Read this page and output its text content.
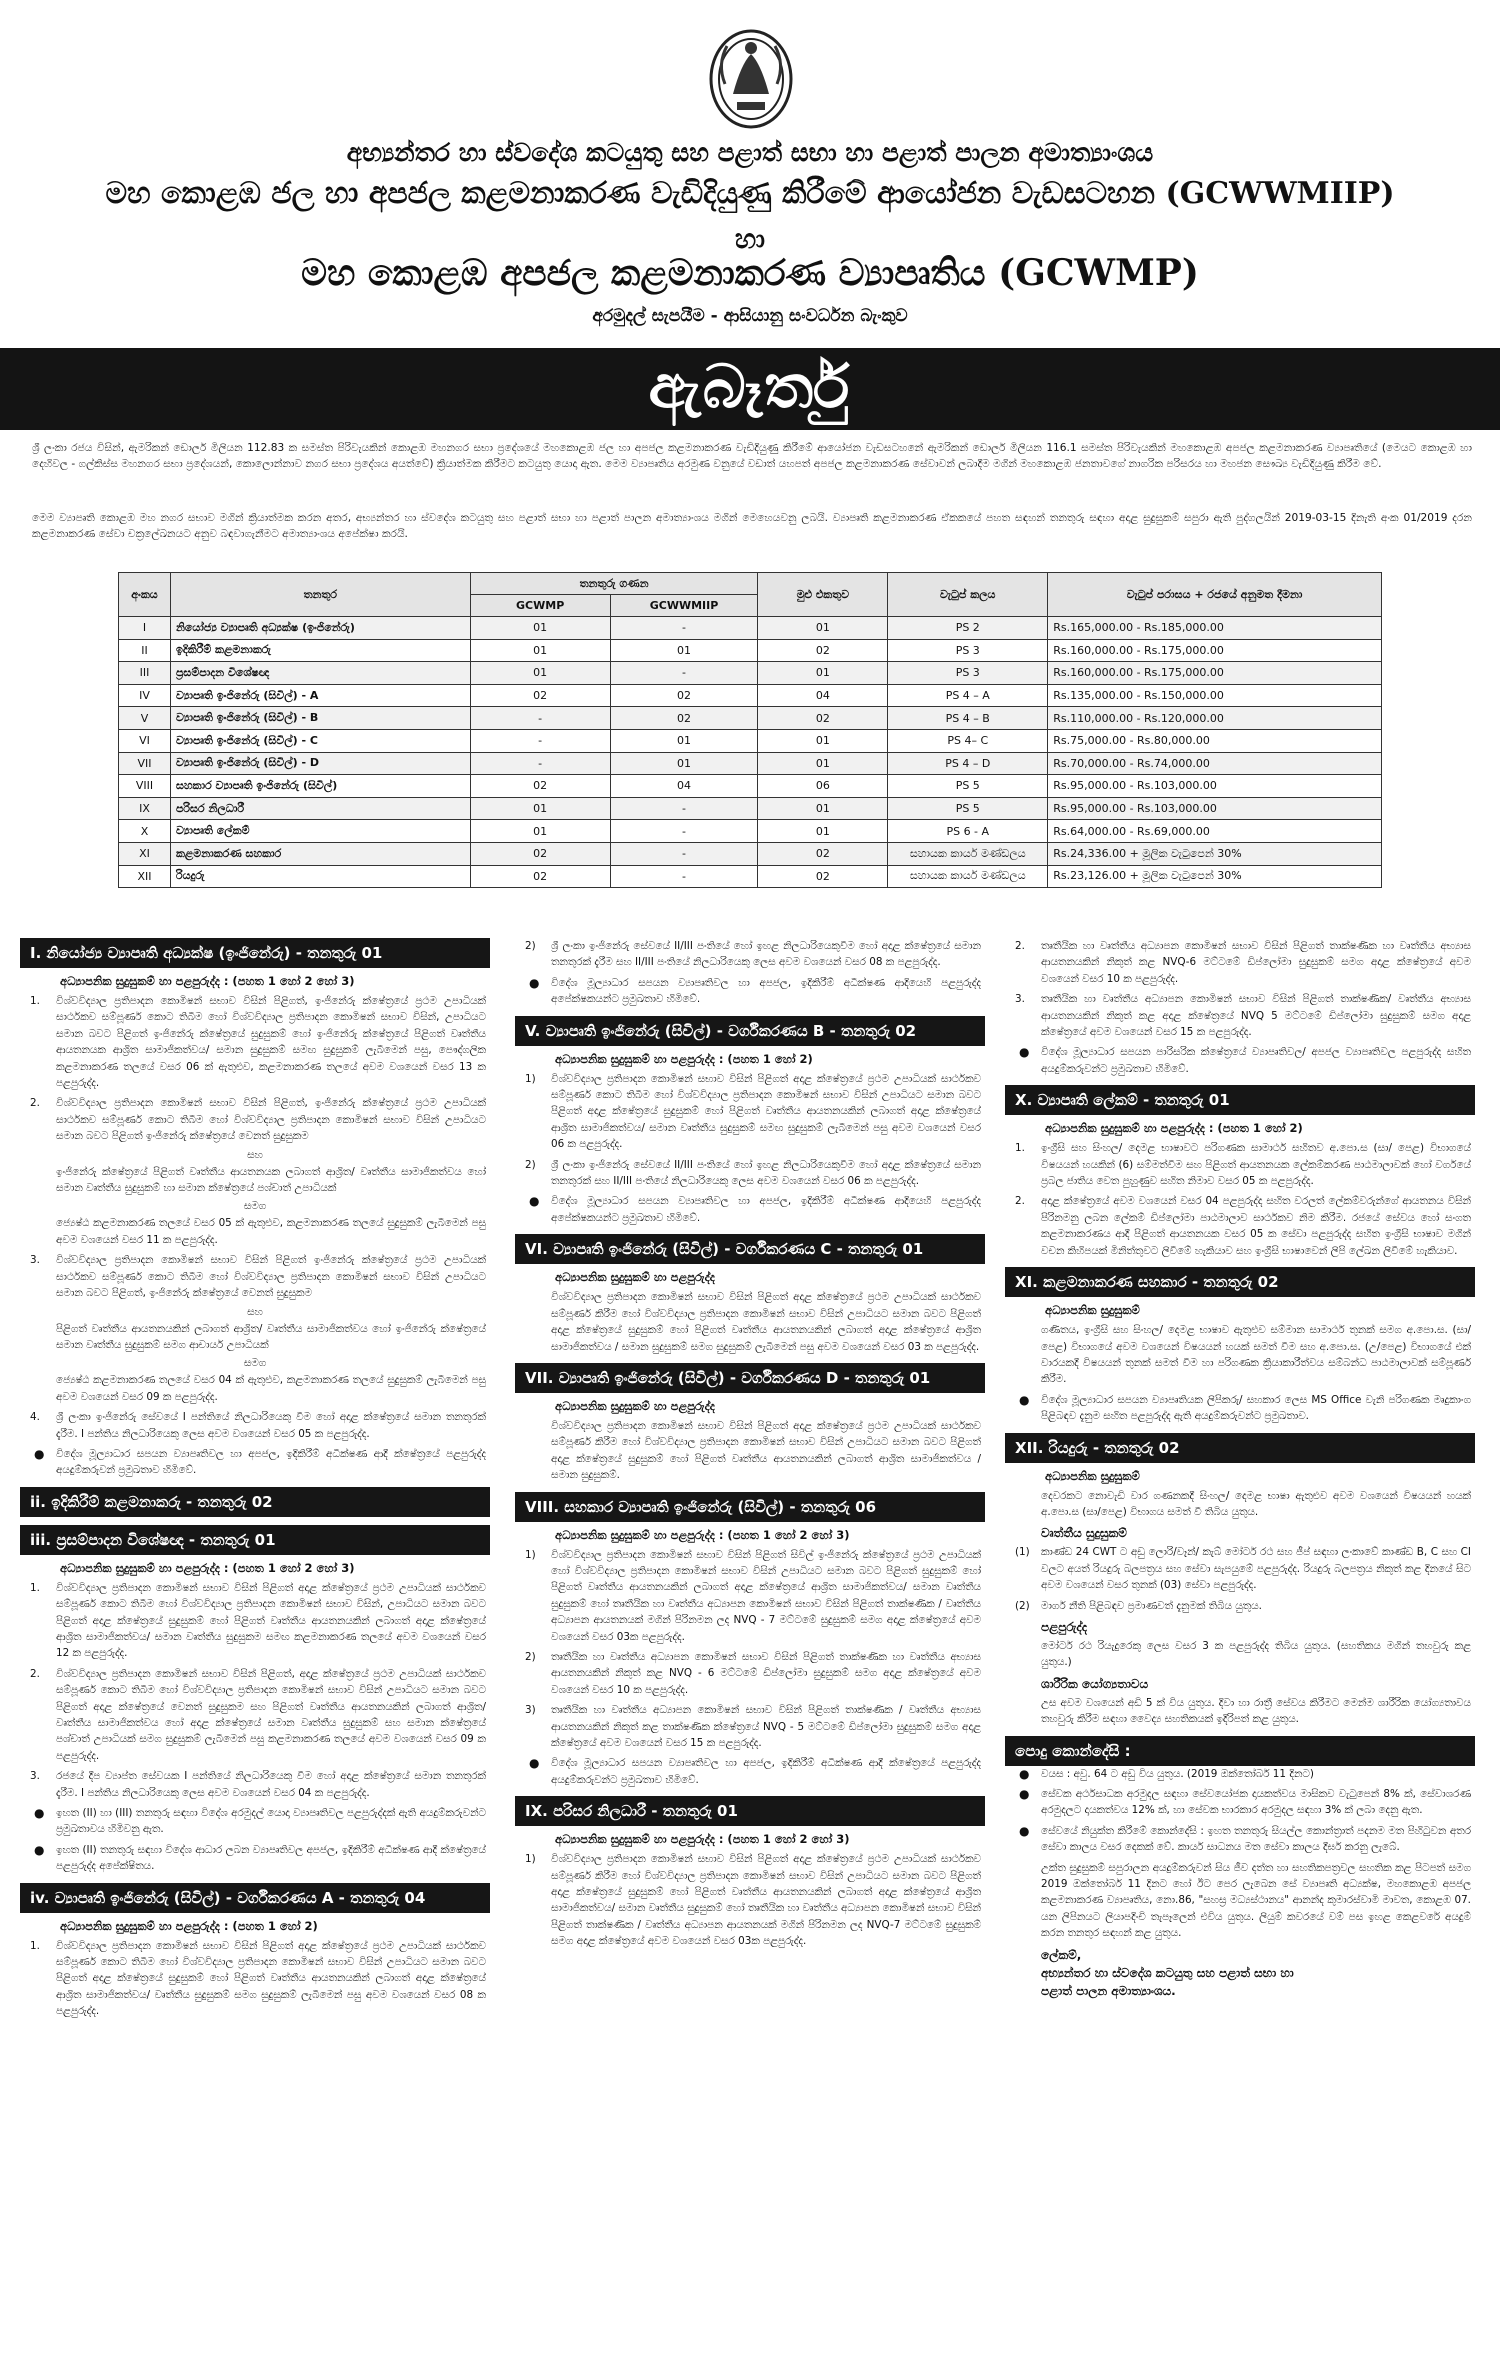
අභ්‍යන්තර හා ස්වදේශ කටයුතු සහ පළාත් සභා හා පළාත් පාලන අමාත්‍යාංශය
මහ කොළඹ ජල හා අපජල කළමනාකරණ වැඩිදියුණු කිරීමේ ආයෝජන වැඩසටහන (GCWWMIIP)
හා
මහ කොළඹ අපජල කළමනාකරණ ව්‍යාපෘතිය (GCWMP)
අරමුදල් සැපයීම - ආසියානු සංවර්ධන බැංකුව
ඇබෑර්තු

ශ්‍රී ලංකා රජය විසින්, ඇමරිකන් ඩොලර් මිලියන 112.83 ක සමස්ත පිරිවැයකින් කොළඹ මහනගර සභා ප්‍රදේශයේ මහකොළඹ ජල හා අපජල කළමනාකරණ වැඩිදියුණු කිරීමේ ආයෝජන වැඩසටහනේ ඇමරිකන් ඩොලර් මිලියන 116.1 සමස්ත පිරිවැයකින් මහකොළඹ අපජල කළමනාකරණ ව්‍යාපෘතියේ (මෙයට කොළඹ හා දෙහිවල - ගල්කිස්ස මහනගර සභා ප්‍රදේශයන්, කොලොන්නාව නගර සභා ප්‍රදේශය අයත්වේ) ක්‍රියාත්මක කිරීමට කටයුතු යොදා ඇත. මෙම ව්‍යාපෘතිය අරමුණ වනුයේ වඩාත් යහපත් අපජල කළමනාකරණ සේවාවන් ලබාදීම මගින් මහකොළඹ ජනතාවගේ නාගරික පරිසරය හා මහජන සෞඛ්‍ය වැඩිදියුණු කිරීම වේ.

මෙම ව්‍යාපෘති කොළඹ මහ නගර සභාව මගින් ක්‍රියාත්මක කරන අතර, අභ්‍යන්තර හා ස්වදේශ කටයුතු සහ පළාත් සභා හා පළාත් පාලන අමාත්‍යාංශය මගින් මෙහෙයවනු ලබයි. ව්‍යාපෘති කළමනාකරණ ඒකකයේ පහත සඳහන් තනතුරු සඳහා අදාළ සුදුසුකම් සපුරා ඇති පුද්ගලයින් 2019-03-15 දිනැති අංක 01/2019 දරන කළමනාකරණ සේවා චක්‍රලේඛනයට අනුව බඳවාගැනීමට අමාත්‍යාංශය අපේක්ෂා කරයි.

අංකය	තනතුර	තනතුරු ගණන		මුළු එකතුව	වැටුප් කලය	වැටුප් පරාසය + රජයේ අනුමත දීමනා
		GCWMP	GCWWMIIP			
I	නියෝජ්‍ය ව්‍යාපෘති අධ්‍යක්ෂ (ඉංජිනේරු)	01	-	01	PS 2	Rs.165,000.00 - Rs.185,000.00
II	ඉදිකිරීම් කළමනාකරු	01	01	02	PS 3	Rs.160,000.00 - Rs.175,000.00
III	ප්‍රසම්පාදන විශේෂඥ	01	-	01	PS 3	Rs.160,000.00 - Rs.175,000.00
IV	ව්‍යාපෘති ඉංජිනේරු (සිවිල්) - A	02	02	04	PS 4 – A	Rs.135,000.00 - Rs.150,000.00
V	ව්‍යාපෘති ඉංජිනේරු (සිවිල්) - B	-	02	02	PS 4 – B	Rs.110,000.00 - Rs.120,000.00
VI	ව්‍යාපෘති ඉංජිනේරු (සිවිල්) - C	-	01	01	PS 4– C	Rs.75,000.00 - Rs.80,000.00
VII	ව්‍යාපෘති ඉංජිනේරු (සිවිල්) - D	-	01	01	PS 4 – D	Rs.70,000.00 - Rs.74,000.00
VIII	සහකාර ව්‍යාපෘති ඉංජිනේරු (සිවිල්)	02	04	06	PS 5	Rs.95,000.00 - Rs.103,000.00
IX	පරිසර නිලධාරී	01	-	01	PS 5	Rs.95,000.00 - Rs.103,000.00
X	ව්‍යාපෘති ලේකම්	01	-	01	PS 6 - A	Rs.64,000.00 - Rs.69,000.00
XI	කළමනාකරණ සහකාර	02	-	02	සහායක කාර්ය මණ්ඩලය	Rs.24,336.00 + මූලික වැටුපෙන් 30%
XII	රියදුරු	02	-	02	සහායක කාර්ය මණ්ඩලය	Rs.23,126.00 + මූලික වැටුපෙන් 30%
I. නියෝජ්‍ය ව්‍යාපෘති අධ්‍යක්ෂ (ඉංජිනේරු) - තනතුරු 01
අධ්‍යාපනික සුදුසුකම් හා පළපුරුද්ද : (පහත 1 හෝ 2 හෝ 3)

1. විශ්වවිද්‍යාල ප්‍රතිපාදන කොමිෂන් සභාව විසින් පිළිගත්, ඉංජිනේරු ක්ෂේත්‍රයේ ප්‍රථම උපාධියක් සාර්ථකව සම්පූර්ණ කොට තිබීම හෝ විශ්වවිද්‍යාල ප්‍රතිපාදන කොමිෂන් සභාව විසින්, උපාධියට සමාන බවට පිළිගත් ඉංජිනේරු ක්ෂේත්‍රයේ සුදුසුකම් හෝ ඉංජිනේරු ක්ෂේත්‍රයේ පිළිගත් වෘත්තීය ආයතනයක ආශ්‍රිත සාමාජිකත්වය/ සමාන සුදුසුකම් සමඟ සුදුසුකම් ලැබීමෙන් පසු, පෞද්ගලික කළමනාකරණ තලයේ වසර 06 ක් ඇතුළුව, කළමනාකරණ තලයේ අවම වශයෙන් වසර 13 ක පළපුරුද්ද.

2. විශ්වවිද්‍යාල ප්‍රතිපාදන කොමිෂන් සභාව විසින් පිළිගත්, ඉංජිනේරු ක්ෂේත්‍රයේ ප්‍රථම උපාධියක් සාර්ථකව සම්පූර්ණ කොට තිබීම හෝ විශ්වවිද්‍යාල ප්‍රතිපාදන කොමිෂන් සභාව විසින් උපාධියට සමාන බවට පිළිගත් ඉංජිනේරු ක්ෂේත්‍රයේ වෙනත් සුදුසුකම

සහ

ඉංජිනේරු ක්ෂේත්‍රයේ පිළිගත් වෘත්තීය ආයතනයක ලබාගත් ආශ්‍රිත/ වෘත්තීය සාමාජිකත්වය හෝ සමාන වෘත්තීය සුදුසුකම් හා සමාන ක්ෂේත්‍රයේ පශ්චාත් උපාධියක්

සමග

ජ්‍යෙෂ්ඨ කළමනාකරණ තලයේ වසර 05 ක් ඇතුළුව, කළමනාකරණ තලයේ සුදුසුකම් ලැබීමෙන් පසු අවම වශයෙන් වසර 11 ක පළපුරුද්ද.

3. විශ්වවිද්‍යාල ප්‍රතිපාදන කොමිෂන් සභාව විසින් පිළිගත් ඉංජිනේරු ක්ෂේත්‍රයේ ප්‍රථම උපාධියක් සාර්ථකව සම්පූර්ණ කොට තිබීම හෝ විශ්වවිද්‍යාල ප්‍රතිපාදන කොමිෂන් සභාව විසින් උපාධියට සමාන බවට පිළිගත්, ඉංජිනේරු ක්ෂේත්‍රයේ වෙනත් සුදුසුකම

සහ

පිළිගත් වෘත්තීය ආයතනයකින් ලබාගත් ආශ්‍රිත/ වෘත්තීය සාමාජිකත්වය හෝ ඉංජිනේරු ක්ෂේත්‍රයේ සමාන වෘත්තීය සුදුසුකම් සමග ආචාර්ය උපාධියක්

සමග

ජ්‍යෙෂ්ඨ කළමනාකරණ තලයේ වසර 04 ක් ඇතුළුව, කළමනාකරණ තලයේ සුදුසුකම් ලැබීමෙන් පසු අවම වශයෙන් වසර 09 ක පළපුරුද්ද.

4. ශ්‍රී ලංකා ඉංජිනේරු සේවයේ I පන්තියේ නිලධාරියෙකු වීම හෝ අදාළ ක්ෂේත්‍රයේ සමාන තනතුරක් දැරීම. I පන්තිය නිලධාරියෙකු ලෙස අවම වශයෙන් වසර 05 ක පළපුරුද්ද.

● විදේශ මූල්‍යාධාර සපයන ව්‍යාපෘතිවල හා අපජල, ඉදිකිරීම් අධීක්ෂණ ආදී ක්ෂේත්‍රයේ පළපුරුද්ද අයදුම්කරුවන් ප්‍රමුඛතාව හිමිවේ.

ii. ඉදිකිරීම් කළමනාකරු - තනතුරු 02
iii. ප්‍රසම්පාදන විශේෂඥ - තනතුරු 01
අධ්‍යාපනික සුදුසුකම් හා පළපුරුද්ද : (පහත 1 හෝ 2 හෝ 3)

1. විශ්වවිද්‍යාල ප්‍රතිපාදන කොමිෂන් සභාව විසින් පිළිගත් අදාළ ක්ෂේත්‍රයේ ප්‍රථම උපාධියක් සාර්ථකව සම්පූර්ණ කොට තිබීම හෝ විශ්වවිද්‍යාල ප්‍රතිපාදන කොමිෂන් සභාව විසින්, උපාධියට සමාන බවට පිළිගත් අදාළ ක්ෂේත්‍රයේ සුදුසුකම් හෝ පිළිගත් වෘත්තීය ආයතනයකින් ලබාගත් අදාළ ක්ෂේත්‍රයේ ආශ්‍රිත සාමාජිකත්වය/ සමාන වෘත්තීය සුදුසුකම සමඟ කළමනාකරණ තලයේ අවම වශයෙන් වසර 12 ක පළපුරුද්ද.

2. විශ්වවිද්‍යාල ප්‍රතිපාදන කොමිෂන් සභාව විසින් පිළිගත්, අදාළ ක්ෂේත්‍රයේ ප්‍රථම උපාධියක් සාර්ථකව සම්පූර්ණ කොට තිබීම හෝ විශ්වවිද්‍යාල ප්‍රතිපාදන කොමිෂන් සභාව විසින් උපාධියට සමාන බවට පිළිගත් අදාළ ක්ෂේත්‍රයේ වෙනත් සුදුසුකම සහ පිළිගත් වෘත්තීය ආයතනයකින් ලබාගත් ආශ්‍රිත/ වෘත්තීය සාමාජිකත්වය හෝ අදාළ ක්ෂේත්‍රයේ සමාන වෘත්තීය සුදුසුකම් සහ සමාන ක්ෂේත්‍රයේ පශ්චාත් උපාධියක් සමග සුදුසුකම් ලැබීමෙන් පසු කළමනාකරණ තලයේ අවම වශයෙන් වසර 09 ක පළපුරුද්ද.

3. රජයේ දීප ව්‍යාප්ත සේවයක I පන්තියේ නිලධාරියෙකු වීම හෝ අදාළ ක්ෂේත්‍රයේ සමාන තනතුරක් දැරීම. I පන්තිය නිලධාරියෙකු ලෙස අවම වශයෙන් වසර 04 ක පළපුරුද්ද.

● ඉහත (II) හා (III) තනතුරු සඳහා විදේශ අරමුදල් යොදා ව්‍යාපෘතිවල පළපුරුද්දක් ඇති අයදුම්කරුවන්ට ප්‍රමුඛතාවය හිමිවනු ඇත.

● ඉහත (II) තනතුරු සඳහා විදේශ ආධාර ලබන ව්‍යාපෘතිවල අපජල, ඉදිකිරීම් අධීක්ෂණ ආදී ක්ෂේත්‍රයේ පළපුරුද්ද අපේක්ෂිතය.

iv. ව්‍යාපෘති ඉංජිනේරු (සිවිල්) - වර්ගීකරණය A - තනතුරු 04
අධ්‍යාපනික සුදුසුකම් හා පළපුරුද්ද : (පහත 1 හෝ 2)

1. විශ්වවිද්‍යාල ප්‍රතිපාදන කොමිෂන් සභාව විසින් පිළිගත් අදාළ ක්ෂේත්‍රයේ ප්‍රථම උපාධියක් සාර්ථකව සම්පූර්ණ කොට තිබීම හෝ විශ්වවිද්‍යාල ප්‍රතිපාදන කොමිෂන් සභාව විසින් උපාධියට සමාන බවට පිළිගත් අදාළ ක්ෂේත්‍රයේ සුදුසුකම් හෝ පිළිගත් වෘත්තීය ආයතනයකින් ලබාගත් අදාළ ක්ෂේත්‍රයේ ආශ්‍රිත සාමාජිකත්වය/ වෘත්තීය සුදුසුකම් සමග සුදුසුකම් ලැබීමෙන් පසු අවම වශයෙන් වසර 08 ක පළපුරුද්ද.

2) ශ්‍රී ලංකා ඉංජිනේරු සේවයේ II/III පංතියේ හෝ ඉහළ නිලධාරියෙකුවීම හෝ අදාළ ක්ෂේත්‍රයේ සමාන තනතුරක් දැරීම සහ II/III පංතියේ නිලධාරියෙකු ලෙස අවම වශයෙන් වසර 08 ක පළපුරුද්ද.

● විදේශ මූල්‍යාධාර සපයන ව්‍යාපෘතිවල හා අපජල, ඉදිකිරීම් අධීක්ෂණ ආදියෙහි පළපුරුද්ද අපේක්ෂකයන්ට ප්‍රමුඛතාව හිමිවේ.

V. ව්‍යාපෘති ඉංජිනේරු (සිවිල්) - වර්ගීකරණය B - තනතුරු 02
අධ්‍යාපනික සුදුසුකම් හා පළපුරුද්ද : (පහත 1 හෝ 2)

1) විශ්වවිද්‍යාල ප්‍රතිපාදන කොමිෂන් සභාව විසින් පිළිගත් අදාළ ක්ෂේත්‍රයේ ප්‍රථම උපාධියක් සාර්ථකව සම්පූර්ණ කොට තිබීම හෝ විශ්වවිද්‍යාල ප්‍රතිපාදන කොමිෂන් සභාව විසින් උපාධියට සමාන බවට පිළිගත් අදාළ ක්ෂේත්‍රයේ සුදුසුකම් හෝ පිළිගත් වෘත්තීය ආයතනයකින් ලබාගත් අදාළ ක්ෂේත්‍රයේ ආශ්‍රිත සාමාජිකත්වය/ සමාන වෘත්තීය සුදුසුකම් සමඟ සුදුසුකම් ලැබීමෙන් පසු අවම වශයෙන් වසර 06 ක පළපුරුද්ද.

2) ශ්‍රී ලංකා ඉංජිනේරු සේවයේ II/III පංතියේ හෝ ඉහළ නිලධාරියෙකුවීම හෝ අදාළ ක්ෂේත්‍රයේ සමාන තනතුරක් සහ II/III පංතියේ නිලධාරියෙකු ලෙස අවම වශයෙන් වසර 06 ක පළපුරුද්ද.

● විදේශ මූල්‍යාධාර සපයන ව්‍යාපෘතිවල හා අපජල, ඉදිකිරීම් අධීක්ෂණ ආදියෙහි පළපුරුද්ද අපේක්ෂකයන්ට ප්‍රමුඛතාව හිමිවේ.

VI. ව්‍යාපෘති ඉංජිනේරු (සිවිල්) - වර්ගීකරණය C - තනතුරු 01
අධ්‍යාපනික සුදුසුකම් හා පළපුරුද්ද

විශ්වවිද්‍යාල ප්‍රතිපාදන කොමිෂන් සභාව විසින් පිළිගත් අදාළ ක්ෂේත්‍රයේ ප්‍රථම උපාධියක් සාර්ථකව සම්පූර්ණ කිරීම හෝ විශ්වවිද්‍යාල ප්‍රතිපාදන කොමිෂන් සභාව විසින් උපාධියට සමාන බවට පිළිගත් අදාළ ක්ෂේත්‍රයේ සුදුසුකම් හෝ පිළිගත් වෘත්තීය ආයතනයකින් ලබාගත් අදාළ ක්ෂේත්‍රයේ ආශ්‍රිත සාමාජිකත්වය / සමාන සුදුසුකම් සමග සුදුසුකම් ලැබීමෙන් පසු අවම වශයෙන් වසර 03 ක පළපුරුද්ද.

VII. ව්‍යාපෘති ඉංජිනේරු (සිවිල්) - වර්ගීකරණය D - තනතුරු 01
අධ්‍යාපනික සුදුසුකම් හා පළපුරුද්ද

විශ්වවිද්‍යාල ප්‍රතිපාදන කොමිෂන් සභාව විසින් පිළිගත් අදාළ ක්ෂේත්‍රයේ ප්‍රථම උපාධියක් සාර්ථකව සම්පූර්ණ කිරීම හෝ විශ්වවිද්‍යාල ප්‍රතිපාදන කොමිෂන් සභාව විසින් උපාධියට සමාන බවට පිළිගත් අදාළ ක්ෂේත්‍රයේ සුදුසුකම් හෝ පිළිගත් වෘත්තීය ආයතනයකින් ලබාගත් ආශ්‍රිත සාමාජිකත්වය / සමාන සුදුසුකම්.

VIII. සහකාර ව්‍යාපෘති ඉංජිනේරු (සිවිල්) - තනතුරු 06
අධ්‍යාපනික සුදුසුකම් හා පළපුරුද්ද : (පහත 1 හෝ 2 හෝ 3)

1) විශ්වවිද්‍යාල ප්‍රතිපාදන කොමිෂන් සභාව විසින් පිළිගත් සිවිල් ඉංජිනේරු ක්ෂේත්‍රයේ ප්‍රථම උපාධියක් හෝ විශ්වවිද්‍යාල ප්‍රතිපාදන කොමිෂන් සභාව විසින් උපාධියට සමාන බවට පිළිගත් සුදුසුකම් හෝ පිළිගත් වෘත්තීය ආයතනයකින් ලබාගත් අදාළ ක්ෂේත්‍රයේ ආශ්‍රිත සාමාජිකත්වය/ සමාන වෘත්තීය සුදුසුකම් හෝ තෘතීයික හා වෘත්තීය අධ්‍යාපන කොමිෂන් සභාව විසින් පිළිගත් තාක්ෂණික / වෘත්තීය අධ්‍යාපන ආයතනයක් මගින් පිරිනමන ලද NVQ - 7 මට්ටමේ සුදුසුකම් සමග අදාළ ක්ෂේත්‍රයේ අවම වශයෙන් වසර 03ක පළපුරුද්ද.

2) තෘතීයික හා වෘත්තීය අධ්‍යාපන කොමිෂන් සභාව විසින් පිළිගත් තාක්ෂණික හා වෘත්තීය අභ්‍යාස ආයතනයකින් නිකුත් කළ NVQ - 6 මට්ටමේ ඩිප්ලෝමා සුදුසුකම් සමග අදාළ ක්ෂේත්‍රයේ අවම වශයෙන් වසර 10 ක පළපුරුද්ද.

3) තෘතීයික හා වෘත්තීය අධ්‍යාපන කොමිෂන් සභාව විසින් පිළිගත් තාක්ෂණික / වෘත්තීය අභ්‍යාස ආයතනයකින් නිකුත් කළ තාක්ෂණික ක්ෂේත්‍රයේ NVQ - 5 මට්ටමේ ඩිප්ලෝමා සුදුසුකම් සමග අදාළ ක්ෂේත්‍රයේ අවම වශයෙන් වසර 15 ක පළපුරුද්ද.

● විදේශ මූල්‍යාධාර සපයන ව්‍යාපෘතිවල හා අපජල, ඉදිකිරීම් අධීක්ෂණ ආදී ක්ෂේත්‍රයේ පළපුරුද්ද අයදුම්කරුවන්ට ප්‍රමුඛතාව හිමිවේ.

IX. පරිසර නිලධාරී - තනතුරු 01
අධ්‍යාපනික සුදුසුකම් හා පළපුරුද්ද : (පහත 1 හෝ 2 හෝ 3)

1) විශ්වවිද්‍යාල ප්‍රතිපාදන කොමිෂන් සභාව විසින් පිළිගත් අදාළ ක්ෂේත්‍රයේ ප්‍රථම උපාධියක් සාර්ථකව සම්පූර්ණ කිරීම හෝ විශ්වවිද්‍යාල ප්‍රතිපාදන කොමිෂන් සභාව විසින් උපාධියට සමාන බවට පිළිගත් අදාළ ක්ෂේත්‍රයේ සුදුසුකම් හෝ පිළිගත් වෘත්තීය ආයතනයකින් ලබාගත් අදාළ ක්ෂේත්‍රයේ ආශ්‍රිත සාමාජිකත්වය/ සමාන වෘත්තීය සුදුසුකම් හෝ තෘතීයික හා වෘත්තීය අධ්‍යාපන කොමිෂන් සභාව විසින් පිළිගත් තාක්ෂණික / වෘත්තීය අධ්‍යාපන ආයතනයක් මගින් පිරිනමන ලද NVQ-7 මට්ටමේ සුදුසුකම් සමග අදාළ ක්ෂේත්‍රයේ අවම වශයෙන් වසර 03ක පළපුරුද්ද.

2. තෘතීයික හා වෘත්තීය අධ්‍යාපන කොමිෂන් සභාව විසින් පිළිගත් තාක්ෂණික හා වෘත්තීය අභ්‍යාස ආයතනයකින් නිකුත් කළ NVQ-6 මට්ටමේ ඩිප්ලෝමා සුදුසුකම් සමග අදාළ ක්ෂේත්‍රයේ අවම වශයෙන් වසර 10 ක පළපුරුද්ද.

3. තෘතීයික හා වෘත්තීය අධ්‍යාපන කොමිෂන් සභාව විසින් පිළිගත් තාක්ෂණික/ වෘත්තීය අභ්‍යාස ආයතනයකින් නිකුත් කළ අදාළ ක්ෂේත්‍රයේ NVQ 5 මට්ටමේ ඩිප්ලෝමා සුදුසුකම් සමග අදාළ ක්ෂේත්‍රයේ අවම වශයෙන් වසර 15 ක පළපුරුද්ද.

● විදේශ මූල්‍යාධාර සපයන පාරිසරික ක්ෂේත්‍රයේ ව්‍යාපෘතිවල/ අපජල ව්‍යාපෘතිවල පළපුරුද්ද සහිත අයදුම්කරුවන්ට ප්‍රමුඛතාව හිමිවේ.

X. ව්‍යාපෘති ලේකම් - තනතුරු 01
අධ්‍යාපනික සුදුසුකම් හා පළපුරුද්ද : (පහත 1 හෝ 2)

1. ඉංග්‍රීසි සහ සිංහල/ දෙමළ භාෂාවට පරිගණක සාමාර්ථ සහිතව අ.පො.ස (සා/ පෙළ) විභාගයේ විෂයයන් හයකින් (6) සම්මත්වීම සහ පිළිගත් ආයතනයක ලේකම්කරණ පාඨමාලාවක් හෝ වර්ගයේ ප්‍රබල ජාතිය වෙත පුහුණුව සහිත නිමාව වසර 05 ක පළපුරුද්ද.

2. අදාළ ක්ෂේත්‍රයේ අවම වශයෙන් වසර 04 පළපුරුද්ද සහිත වරලත් ලේකම්වරුන්ගේ ආයතනය විසින් පිරිනමනු ලබන ලේකම් ඩිප්ලෝමා පාඨමාලාව සාර්ථකව නිම කිරීම. රජයේ සේවය හෝ සංගත කළමනාකරණය ආදී පිළිගත් ආයතනයක වසර 05 ක සේවා පළපුරුද්ද සහිත ඉංග්‍රීසි භාෂාව මගින් වචන කිහිපයක් මිනිත්තුවට ලිවීමේ හැකියාව සහ ඉංග්‍රීසි භාෂාවෙන් ලිපි ලේඛන ලිවීමේ හැකියාව.

XI. කළමනාකරණ සහකාර - තනතුරු 02
අධ්‍යාපනික සුදුසුකම්

ගණිතය, ඉංග්‍රීසි සහ සිංහල/ දෙමළ භාෂාව ඇතුළුව සම්මාන සාමාර්ථ තුනක් සමග අ.පො.ස. (සා/පෙළ) විභාගයේ අවම වශයෙන් විෂයයන් හයක් සමත් වීම සහ අ.පො.ස. (උ/පෙළ) විභාගයේ එක් වාරයකදී විෂයයන් තුනක් සමත් වීම හා පරිගණක ක්‍රියාකාරීත්වය සම්බන්ධ පාඨමාලාවක් සම්පූර්ණ කිරීම.

● විදේශ මූල්‍යාධාර සපයන ව්‍යාපෘතියක ලිපිකරු/ සහකාර ලෙස MS Office වැනි පරිගණක මෘදුකාංග පිළිබඳව දැනුම සහිත පළපුරුද්ද ඇති අයදුම්කරුවන්ට ප්‍රමුඛතාව.

XII. රියදුරු - තනතුරු 02
අධ්‍යාපනික සුදුසුකම්

දෙවරකට නොවැඩි වාර ගණනකදී සිංහල/ දෙමළ භාෂා ඇතුළුව අවම වශයෙන් විෂයයන් හයක් අ.පො.ස (සා/පෙළ) විභාගය සමත් වී තිබිය යුතුය.

වෘත්තීය සුදුසුකම්

(1) කාණ්ඩ 24 CWT ට අඩු ලොරි/වෑන්/ කැබ් මෝටර් රථ සහ ජීප් සඳහා ලංකාවේ කාණ්ඩ B, C සහ CI වලට අයත් රියදුරු බලපත්‍රය සහ සේවා සැපයුමේ පළපුරුද්ද. රියදුරු බලපත්‍රය නිකුත් කළ දිනයේ සිට අවම වශයෙන් වසර තුනක් (03) සේවා පළපුරුද්ද.

(2) මාර්ග නීති පිළිබඳව ප්‍රමාණවත් දැනුමක් තිබිය යුතුය.

පළපුරුද්ද

මෝටර් රථ රියැදුරෙකු ලෙස වසර 3 ක පළපුරුද්ද තිබිය යුතුය. (සහතිකය මගින් තහවුරු කළ යුතුය.)

ශාරීරික යෝග්‍යතාවය

උස අවම වශයෙන් අඩි 5 ක් විය යුතුය. දිවා හා රාත්‍රී සේවය කිරීමට මෙන්ම ශාරීරික යෝග්‍යතාවය තහවුරු කිරීම සඳහා වෛද්‍ය සහතිකයක් ඉදිරිපත් කළ යුතුය.

පොදු කොන්දේසි :

● වයස : අවු. 64 ට අඩු විය යුතුය. (2019 ඔක්තෝබර් 11 දිනට)

● සේවක අර්ථසාධක අරමුදල සඳහා සේවයෝජක දායකත්වය මාසිකව වැටුපෙන් 8% ක්, සේවාශරණ අරමුදලට දායකත්වය 12% ක්, හා සේවක භාරකාර අරමුදල සඳහා 3% ක් ලබා දෙනු ඇත.

● සේවයේ නියුක්ත කිරීමේ කොන්දේසි : ඉහත තනතුරු සියල්ල කොන්ත්‍රාත් පදනම මත පිහිටුවන අතර සේවා කාලය වසර දෙකක් වේ. කාර්ය සාධනය මත සේවා කාලය දීර්ඝ කරනු ලැබේ.

උක්ත සුදුසුකම් සපුරාලන අයදුම්කරුවන් සිය ජීව දත්ත හා සහතිකපත්‍රවල සහතික කළ පිටපත් සමග 2019 ඔක්තෝබර් 11 දිනට හෝ ඊට පෙර ලැබෙන සේ ව්‍යාපෘති අධ්‍යක්ෂ, මහකොළඹ අපජල කළමනාකරණ ව්‍යාපෘතිය, නො.86, "සහස්‍ර මධ්‍යස්ථානය" ආනන්ද කුමාරස්වාමි මාවත, කොළඹ 07. යන ලිපිනයට ලියාපදිංචි තැපෑලෙන් එවිය යුතුය. ලියුම් කවරයේ වම් පස ඉහළ කෙළවරේ අයදුම් කරන තනතුර සඳහන් කළ යුතුය.

ලේකම්,
අභ්‍යන්තර හා ස්වදේශ කටයුතු සහ පළාත් සභා හා
පළාත් පාලන අමාත්‍යාංශය.
